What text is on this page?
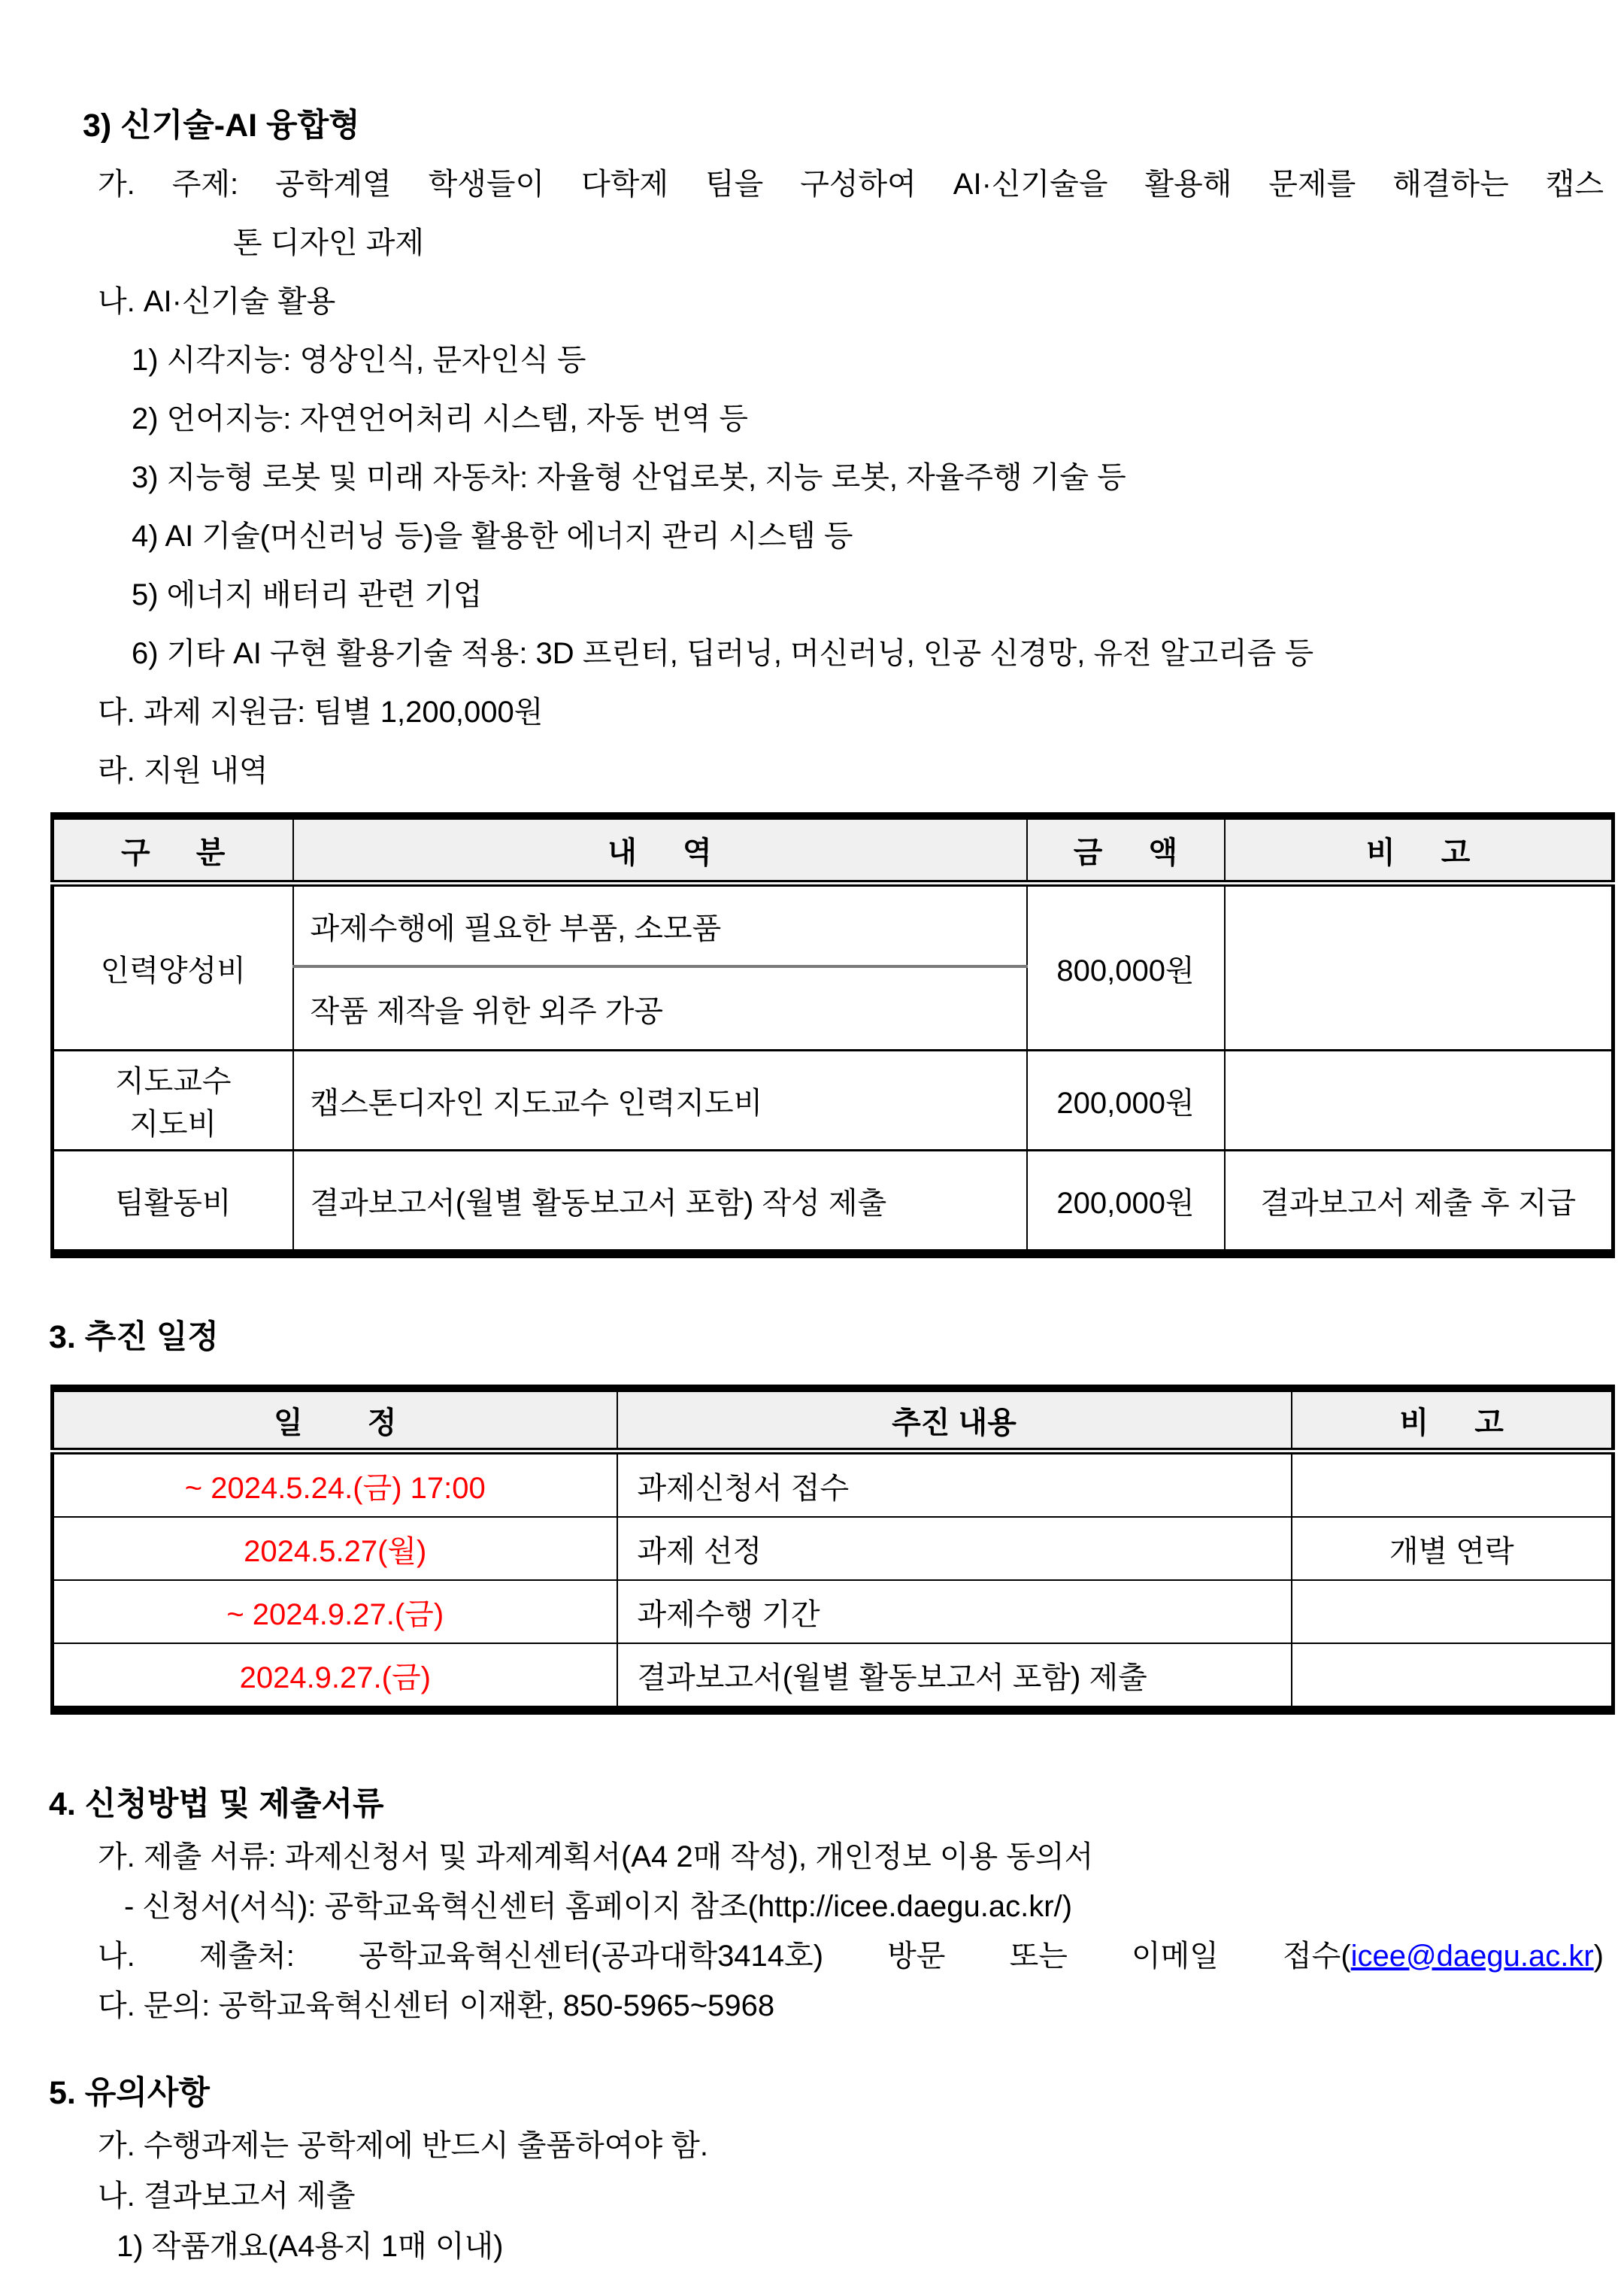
3) 신기술-AI 융합형
가. 주제: 공학계열 학생들이 다학제 팀을 구성하여 AI·신기술을 활용해 문제를 해결하는 캡스
톤 디자인 과제
나. AI·신기술 활용
1) 시각지능: 영상인식, 문자인식 등
2) 언어지능: 자연언어처리 시스템, 자동 번역 등
3) 지능형 로봇 및 미래 자동차: 자율형 산업로봇, 지능 로봇, 자율주행 기술 등
4) AI 기술(머신러닝 등)을 활용한 에너지 관리 시스템 등
5) 에너지 배터리 관련 기업
6) 기타 AI 구현 활용기술 적용: 3D 프린터, 딥러닝, 머신러닝, 인공 신경망, 유전 알고리즘 등
다. 과제 지원금: 팀별 1,200,000원
라. 지원 내역
구 분	내 역	금 액	비 고
인력양성비	과제수행에 필요한 부품, 소모품	800,000원	
	작품 제작을 위한 외주 가공		

지도교수
지도비	캡스톤디자인 지도교수 인력지도비	200,000원	
팀활동비	결과보고서(월별 활동보고서 포함) 작성 제출	200,000원	결과보고서 제출 후 지급
3. 추진 일정
일 정	추진 내용	비 고
~ 2024.5.24.(금) 17:00	과제신청서 접수	
2024.5.27(월)	과제 선정	개별 연락
~ 2024.9.27.(금)	과제수행 기간	
2024.9.27.(금)	결과보고서(월별 활동보고서 포함) 제출	
4. 신청방법 및 제출서류
가. 제출 서류: 과제신청서 및 과제계획서(A4 2매 작성), 개인정보 이용 동의서
- 신청서(서식): 공학교육혁신센터 홈페이지 참조(http://icee.daegu.ac.kr/)
나. 제출처: 공학교육혁신센터(공과대학3414호) 방문 또는 이메일 접수(icee@daegu.ac.kr)
다. 문의: 공학교육혁신센터 이재환, 850-5965~5968
5. 유의사항
가. 수행과제는 공학제에 반드시 출품하여야 함.
나. 결과보고서 제출
1) 작품개요(A4용지 1매 이내)
